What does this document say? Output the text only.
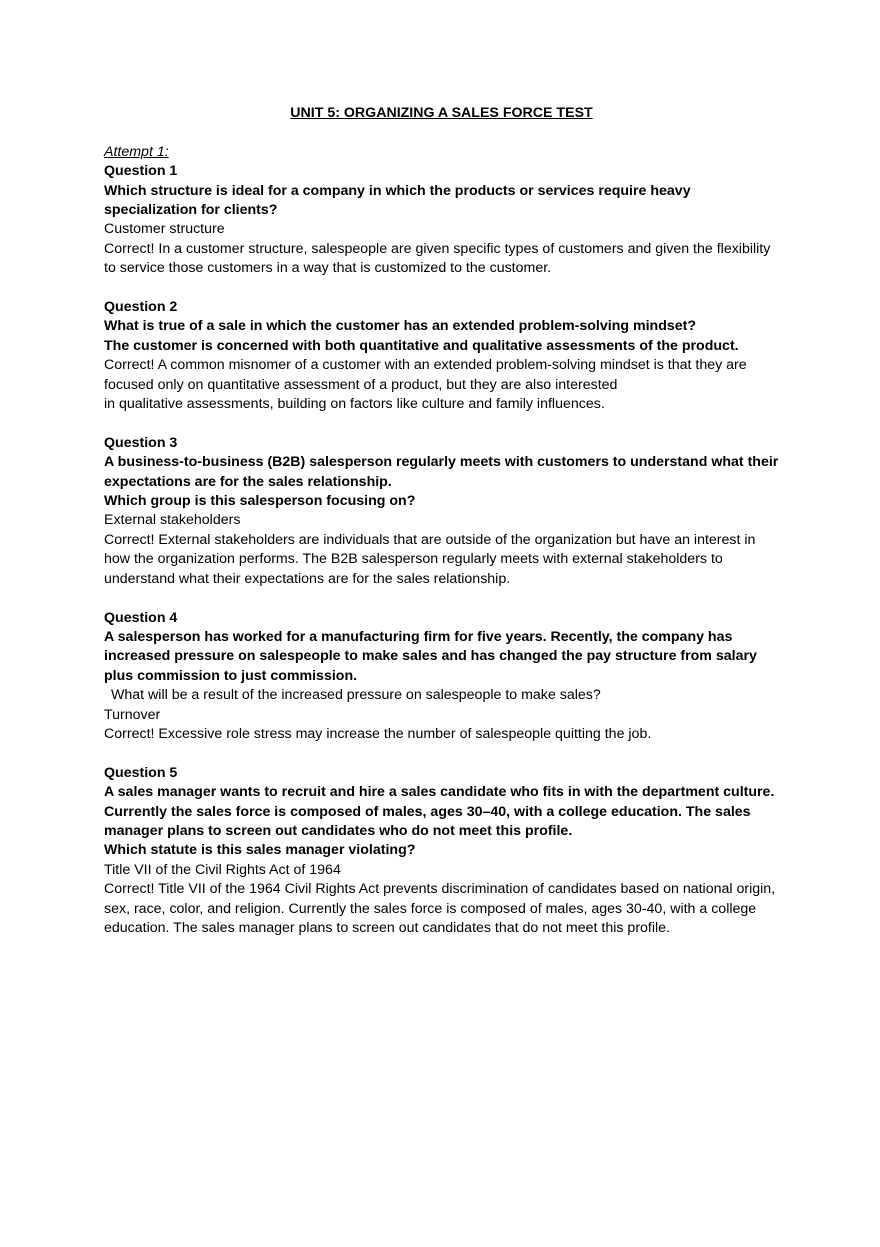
UNIT 5: ORGANIZING A SALES FORCE TEST

Attempt 1:

Question 1

Which structure is ideal for a company in which the products or services require heavy specialization for clients?

Customer structure

Correct! In a customer structure, salespeople are given specific types of customers and given the flexibility to service those customers in a way that is customized to the customer.

Question 2

What is true of a sale in which the customer has an extended problem-solving mindset?

The customer is concerned with both quantitative and qualitative assessments of the product.

Correct! A common misnomer of a customer with an extended problem-solving mindset is that they are focused only on quantitative assessment of a product, but they are also interested

in qualitative assessments, building on factors like culture and family influences.

Question 3

A business-to-business (B2B) salesperson regularly meets with customers to understand what their expectations are for the sales relationship.

Which group is this salesperson focusing on?

External stakeholders

Correct! External stakeholders are individuals that are outside of the organization but have an interest in how the organization performs. The B2B salesperson regularly meets with external stakeholders to understand what their expectations are for the sales relationship.

Question 4

A salesperson has worked for a manufacturing firm for five years. Recently, the company has increased pressure on salespeople to make sales and has changed the pay structure from salary plus commission to just commission.

What will be a result of the increased pressure on salespeople to make sales?

Turnover

Correct! Excessive role stress may increase the number of salespeople quitting the job.

Question 5

A sales manager wants to recruit and hire a sales candidate who fits in with the department culture. Currently the sales force is composed of males, ages 30–40, with a college education. The sales manager plans to screen out candidates who do not meet this profile.

Which statute is this sales manager violating?

Title VII of the Civil Rights Act of 1964

Correct! Title VII of the 1964 Civil Rights Act prevents discrimination of candidates based on national origin, sex, race, color, and religion. Currently the sales force is composed of males, ages 30-40, with a college education. The sales manager plans to screen out candidates that do not meet this profile.
